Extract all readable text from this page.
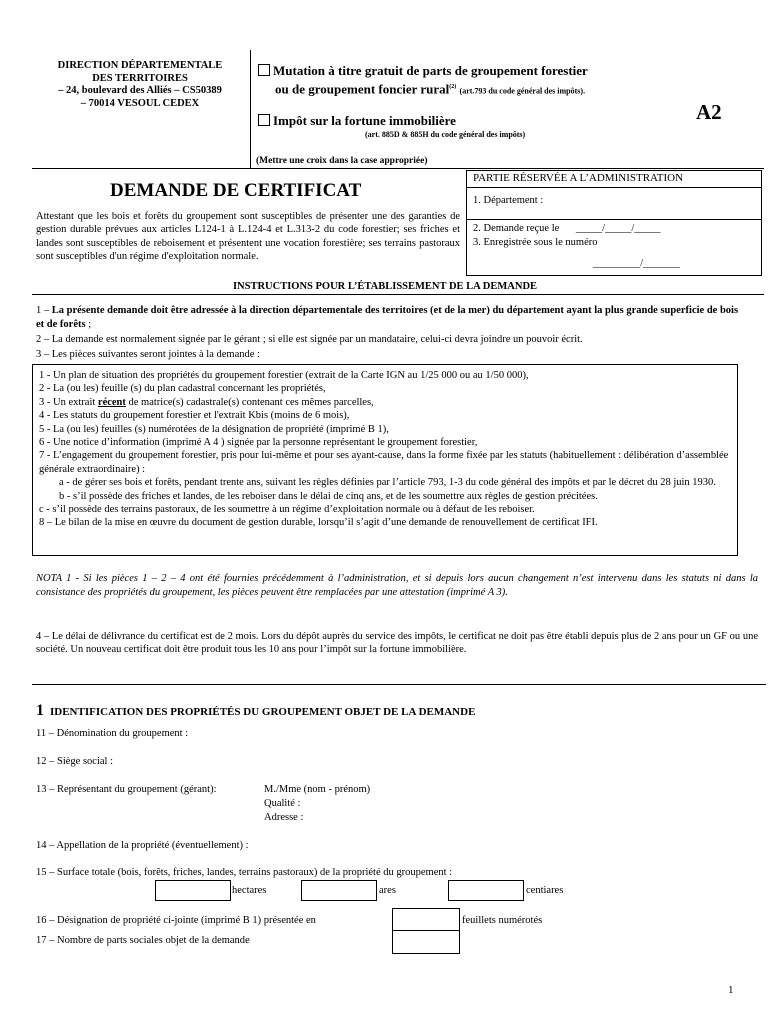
DIRECTION DÉPARTEMENTALE
DES TERRITOIRES
– 24, boulevard des Alliés – CS50389
– 70014 VESOUL CEDEX
Mutation à titre gratuit de parts de groupement forestier
ou de groupement foncier rural$^{(2)}$ (art.793 du code général des impôts).
A2
Impôt sur la fortune immobilière
(art. 885D & 885H du code général des impôts)
(Mettre une croix dans la case appropriée)
DEMANDE DE CERTIFICAT
Attestant que les bois et forêts du groupement sont susceptibles de présenter une des garanties de gestion durable prévues aux articles L124-1 à L.124-4 et L.313-2 du code forestier; ses friches et landes sont susceptibles de reboisement et présentent une vocation forestière; ses terrains pastoraux sont susceptibles d'un régime d'exploitation normale.
PARTIE RÉSERVÉE A L’ADMINISTRATION
1. Département :
2. Demande reçue le _____/_____/_____
3. Enregistrée sous le numéro
_________/_______
INSTRUCTIONS POUR L’ÉTABLISSEMENT DE LA DEMANDE
1 – La présente demande doit être adressée à la direction départementale des territoires (et de la mer) du département ayant la plus grande superficie de bois et de forêts ;
2 – La demande est normalement signée par le gérant ; si elle est signée par un mandataire, celui-ci devra joindre un pouvoir écrit.
3 – Les pièces suivantes seront jointes à la demande :
1 - Un plan de situation des propriétés du groupement forestier (extrait de la Carte IGN au 1/25 000 ou au 1/50 000),
2 - La (ou les) feuille (s) du plan cadastral concernant les propriétés,
3 - Un extrait récent de matrice(s) cadastrale(s) contenant ces mêmes parcelles,
4 - Les statuts du groupement forestier et l'extrait Kbis (moins de 6 mois),
5 - La (ou les) feuilles (s) numérotées de la désignation de propriété (imprimé B 1),
6 - Une notice d’information (imprimé A 4 ) signée par la personne représentant le groupement forestier,
7 - L’engagement du groupement forestier, pris pour lui-même et pour ses ayant-cause, dans la forme fixée par les statuts (habituellement : délibération d’assemblée générale extraordinaire) :
a - de gérer ses bois et forêts, pendant trente ans, suivant les règles définies par l’article 793, 1-3 du code général des impôts et par le décret du 28 juin 1930.
b - s’il possède des friches et landes, de les reboiser dans le délai de cinq ans, et de les soumettre aux règles de gestion précitées.
c - s’il possède des terrains pastoraux, de les soumettre à un régime d’exploitation normale ou à défaut de les reboiser.
8 – Le bilan de la mise en œuvre du document de gestion durable, lorsqu’il s’agit d’une demande de renouvellement de certificat IFI.
NOTA 1 - Si les pièces 1 – 2 – 4 ont été fournies précédemment à l’administration, et si depuis lors aucun changement n’est intervenu dans les statuts ni dans la consistance des propriétés du groupement, les pièces peuvent être remplacées par une attestation (imprimé A 3).
4 – Le délai de délivrance du certificat est de 2 mois. Lors du dépôt auprès du service des impôts, le certificat ne doit pas être établi depuis plus de 2 ans pour un GF ou une société. Un nouveau certificat doit être produit tous les 10 ans pour l’impôt sur la fortune immobilière.
1 IDENTIFICATION DES PROPRIÉTÉS DU GROUPEMENT OBJET DE LA DEMANDE
11 – Dénomination du groupement :
12 – Siège social :
13 – Représentant du groupement (gérant):	M./Mme (nom - prénom)
Qualité :
Adresse :
14 – Appellation de la propriété (éventuellement) :
15 – Surface totale (bois, forêts, friches, landes, terrains pastoraux) de la propriété du groupement :
hectares	ares	centiares
16 – Désignation de propriété ci-jointe (imprimé B 1) présentée en	feuillets numérotés
17 – Nombre de parts sociales objet de la demande
1
